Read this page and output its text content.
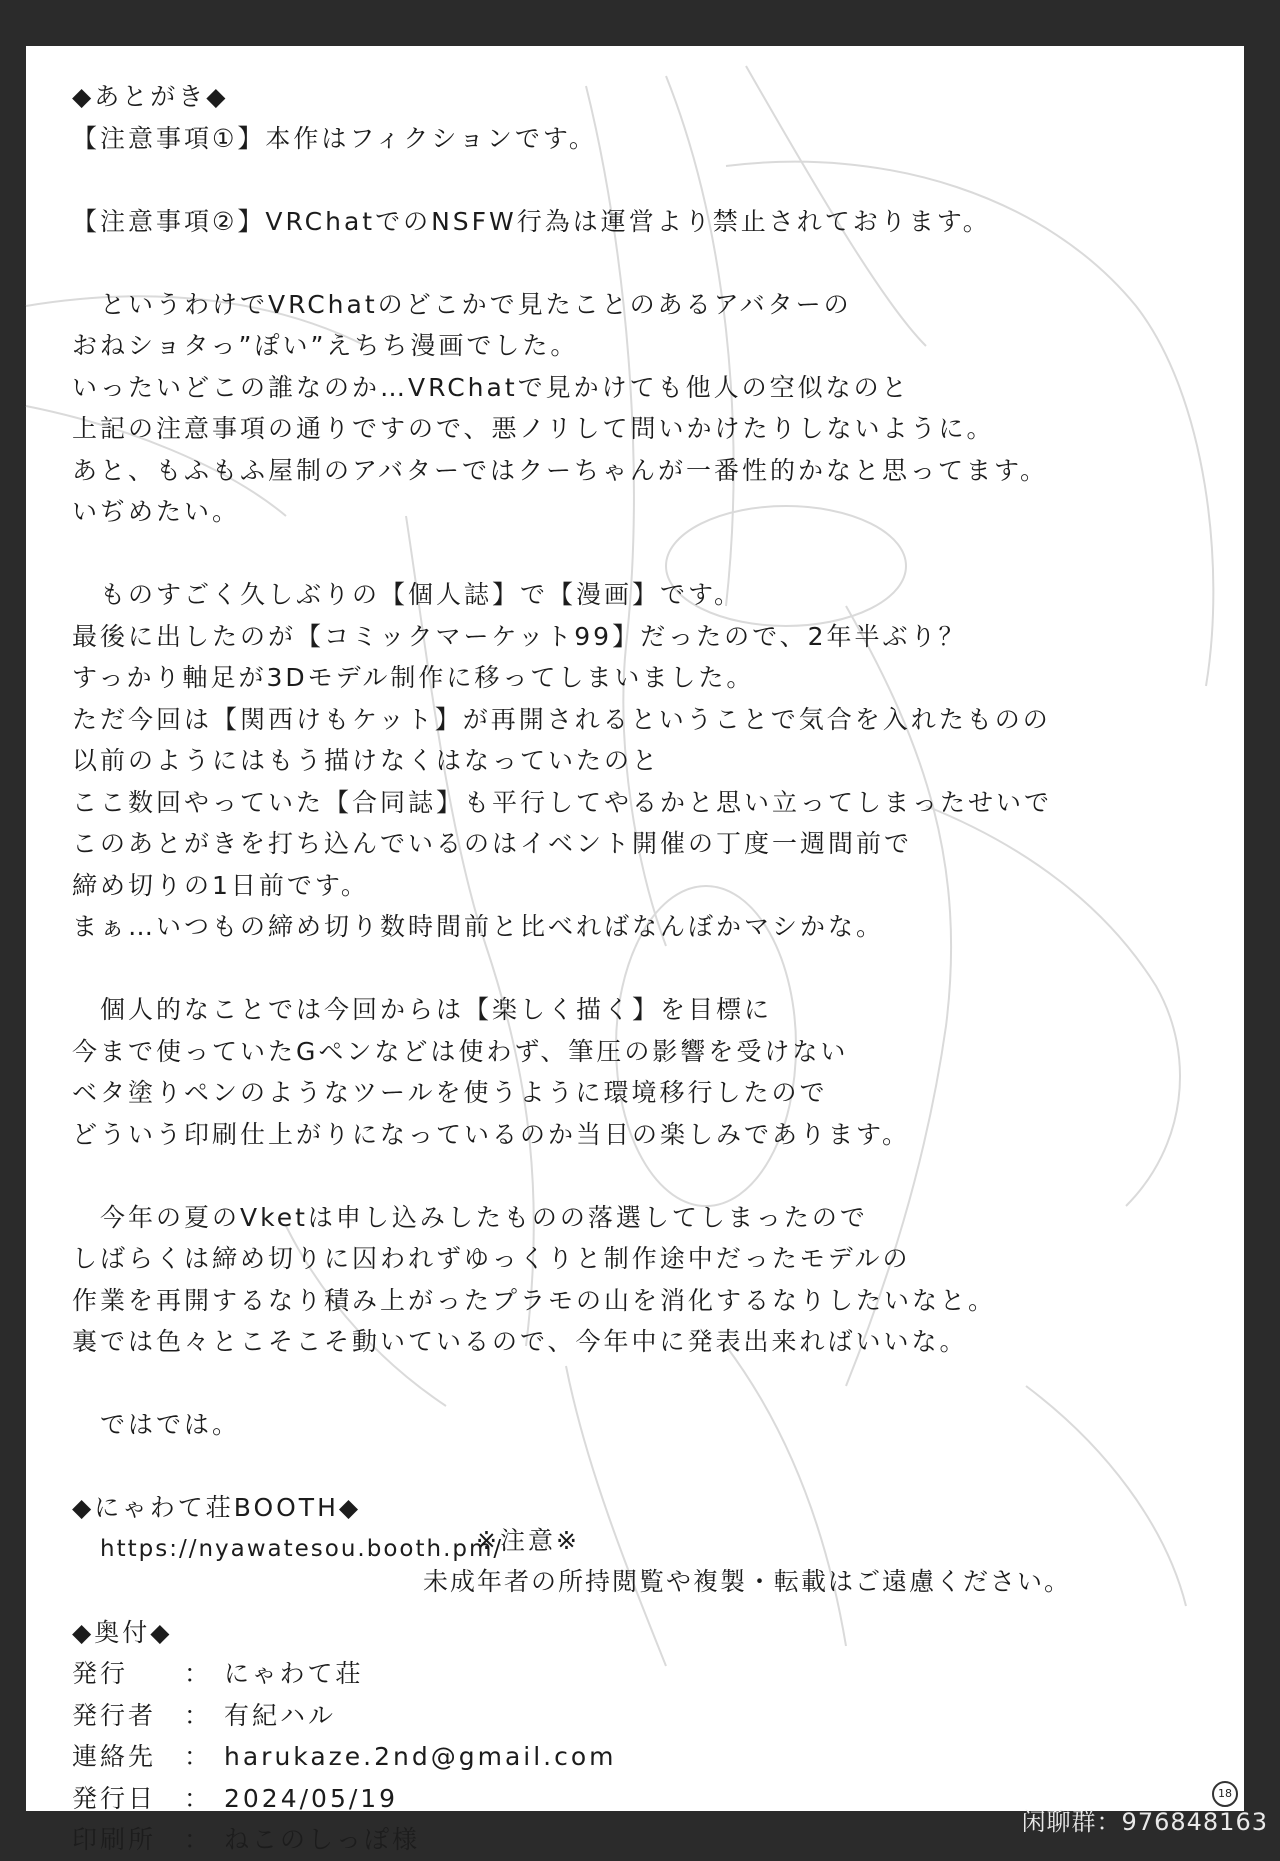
◆あとがき◆
【注意事項①】本作はフィクションです。
【注意事項②】VRChatでのNSFW行為は運営より禁止されております。
　というわけでVRChatのどこかで見たことのあるアバターの
おねショタっ”ぽい”えちち漫画でした。
いったいどこの誰なのか…VRChatで見かけても他人の空似なのと
上記の注意事項の通りですので、悪ノリして問いかけたりしないように。
あと、もふもふ屋制のアバターではクーちゃんが一番性的かなと思ってます。
いぢめたい。
　ものすごく久しぶりの【個人誌】で【漫画】です。
最後に出したのが【コミックマーケット99】だったので、2年半ぶり？
すっかり軸足が3Dモデル制作に移ってしまいました。
ただ今回は【関西けもケット】が再開されるということで気合を入れたものの
以前のようにはもう描けなくはなっていたのと
ここ数回やっていた【合同誌】も平行してやるかと思い立ってしまったせいで
このあとがきを打ち込んでいるのはイベント開催の丁度一週間前で
締め切りの1日前です。
まぁ…いつもの締め切り数時間前と比べればなんぼかマシかな。
　個人的なことでは今回からは【楽しく描く】を目標に
今まで使っていたGペンなどは使わず、筆圧の影響を受けない
ベタ塗りペンのようなツールを使うように環境移行したので
どういう印刷仕上がりになっているのか当日の楽しみであります。
　今年の夏のVketは申し込みしたものの落選してしまったので
しばらくは締め切りに囚われずゆっくりと制作途中だったモデルの
作業を再開するなり積み上がったプラモの山を消化するなりしたいなと。
裏では色々とこそこそ動いているので、今年中に発表出来ればいいな。
　ではでは。
◆にゃわて荘BOOTH◆
https://nyawatesou.booth.pm/
◆奥付◆
発行	： にゃわて荘
発行者	： 有紀ハル
連絡先	： harukaze.2nd@gmail.com
発行日	： 2024/05/19
印刷所	： ねこのしっぽ様
※注意※
未成年者の所持閲覧や複製・転載はご遠慮ください。
18
闲聊群：976848163
